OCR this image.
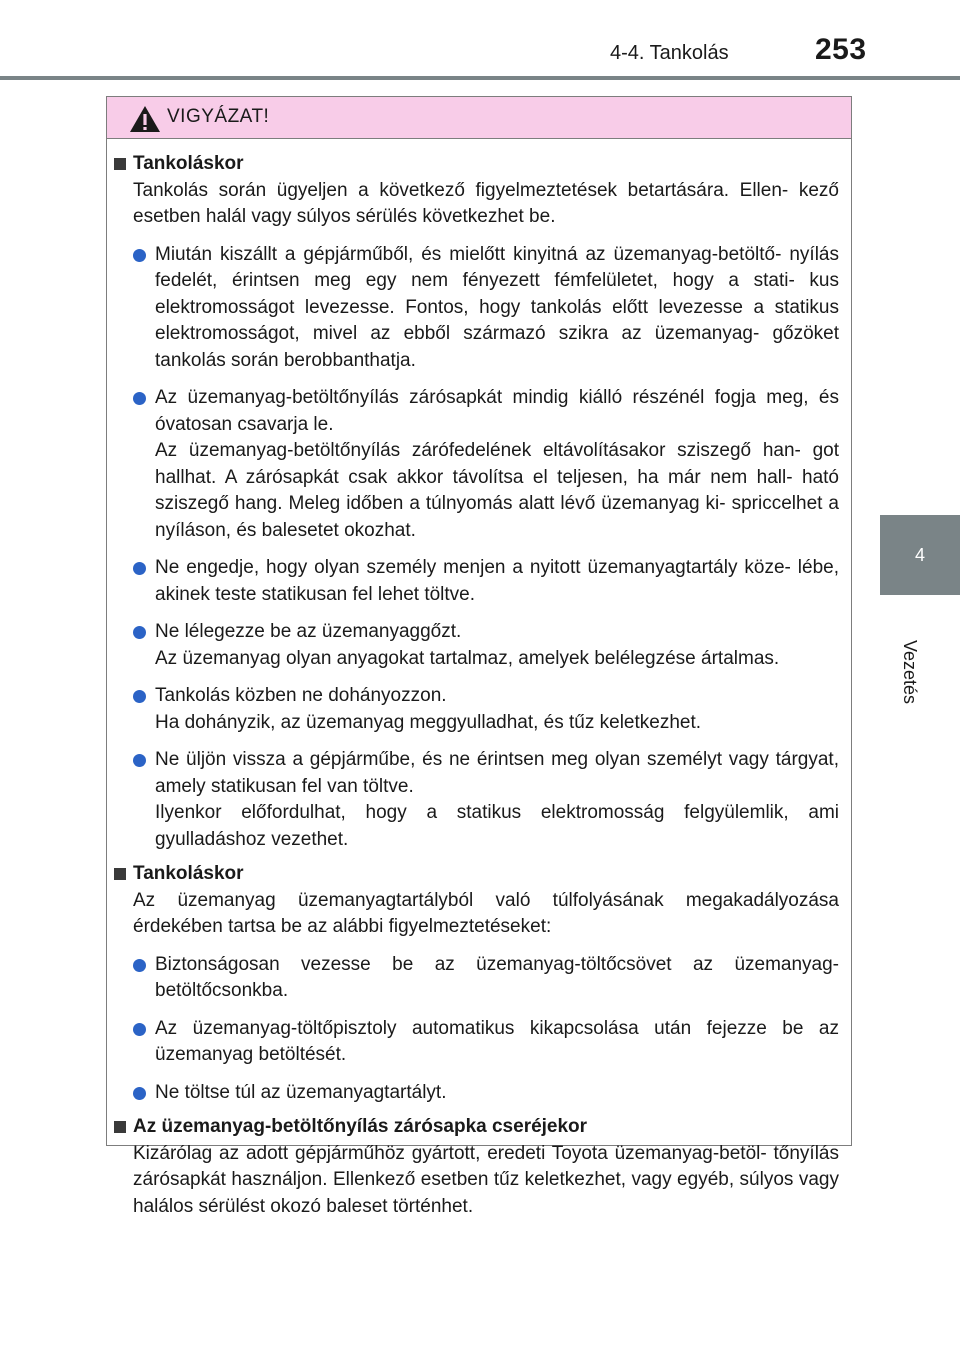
4-4. Tankolás	253
4
Vezetés
VIGYÁZAT!
Tankoláskor
Tankolás során ügyeljen a következő figyelmeztetések betartására. Ellen- kező esetben halál vagy súlyos sérülés következhet be.
Miután kiszállt a gépjárműből, és mielőtt kinyitná az üzemanyag-betöltő- nyílás fedelét, érintsen meg egy nem fényezett fémfelületet, hogy a stati- kus elektromosságot levezesse. Fontos, hogy tankolás előtt levezesse a statikus elektromosságot, mivel az ebből származó szikra az üzemanyag- gőzöket tankolás során berobbanthatja.
Az üzemanyag-betöltőnyílás zárósapkát mindig kiálló részénél fogja meg, és óvatosan csavarja le.
Az üzemanyag-betöltőnyílás zárófedelének eltávolításakor sziszegő han- got hallhat. A zárósapkát csak akkor távolítsa el teljesen, ha már nem hall- ható sziszegő hang. Meleg időben a túlnyomás alatt lévő üzemanyag ki- spriccelhet a nyíláson, és balesetet okozhat.
Ne engedje, hogy olyan személy menjen a nyitott üzemanyagtartály köze- lébe, akinek teste statikusan fel lehet töltve.
Ne lélegezze be az üzemanyaggőzt.
Az üzemanyag olyan anyagokat tartalmaz, amelyek belélegzése ártalmas.
Tankolás közben ne dohányozzon.
Ha dohányzik, az üzemanyag meggyulladhat, és tűz keletkezhet.
Ne üljön vissza a gépjárműbe, és ne érintsen meg olyan személyt vagy tárgyat, amely statikusan fel van töltve.
Ilyenkor előfordulhat, hogy a statikus elektromosság felgyülemlik, ami gyulladáshoz vezethet.
Tankoláskor
Az üzemanyag üzemanyagtartályból való túlfolyásának megakadályozása érdekében tartsa be az alábbi figyelmeztetéseket:
Biztonságosan vezesse be az üzemanyag-töltőcsövet az üzemanyag- betöltőcsonkba.
Az üzemanyag-töltőpisztoly automatikus kikapcsolása után fejezze be az üzemanyag betöltését.
Ne töltse túl az üzemanyagtartályt.
Az üzemanyag-betöltőnyílás zárósapka cseréjekor
Kizárólag az adott gépjárműhöz gyártott, eredeti Toyota üzemanyag-betöl- tőnyílás zárósapkát használjon. Ellenkező esetben tűz keletkezhet, vagy egyéb, súlyos vagy halálos sérülést okozó baleset történhet.
